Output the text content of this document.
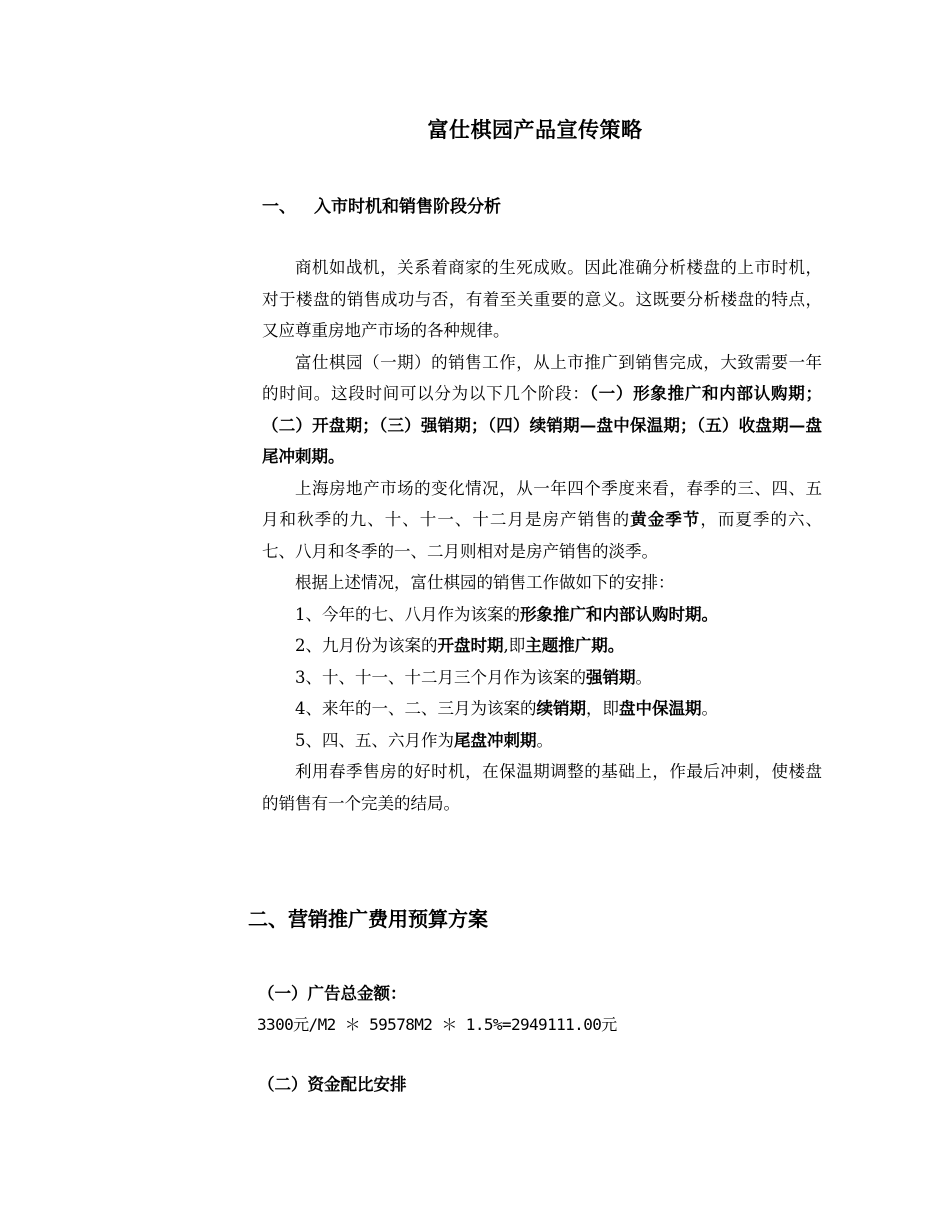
富仕棋园产品宣传策略
一、 入市时机和销售阶段分析

商机如战机，关系着商家的生死成败。因此准确分析楼盘的上市时机，对于楼盘的销售成功与否，有着至关重要的意义。这既要分析楼盘的特点，又应尊重房地产市场的各种规律。

富仕棋园（一期）的销售工作，从上市推广到销售完成，大致需要一年的时间。这段时间可以分为以下几个阶段：（一）形象推广和内部认购期；（二）开盘期；（三）强销期；（四）续销期—盘中保温期；（五）收盘期—盘尾冲刺期。

上海房地产市场的变化情况，从一年四个季度来看，春季的三、四、五月和秋季的九、十、十一、十二月是房产销售的黄金季节，而夏季的六、七、八月和冬季的一、二月则相对是房产销售的淡季。

根据上述情况，富仕棋园的销售工作做如下的安排：

1、今年的七、八月作为该案的形象推广和内部认购时期。

2、九月份为该案的开盘时期,即主题推广期。

3、十、十一、十二月三个月作为该案的强销期。

4、来年的一、二、三月为该案的续销期，即盘中保温期。

5、四、五、六月作为尾盘冲刺期。

利用春季售房的好时机，在保温期调整的基础上，作最后冲刺，使楼盘的销售有一个完美的结局。

二、营销推广费用预算方案
（一）广告总金额：
3300元/M2 ＊ 59578M2 ＊ 1.5%=2949111.00元
（二）资金配比安排
